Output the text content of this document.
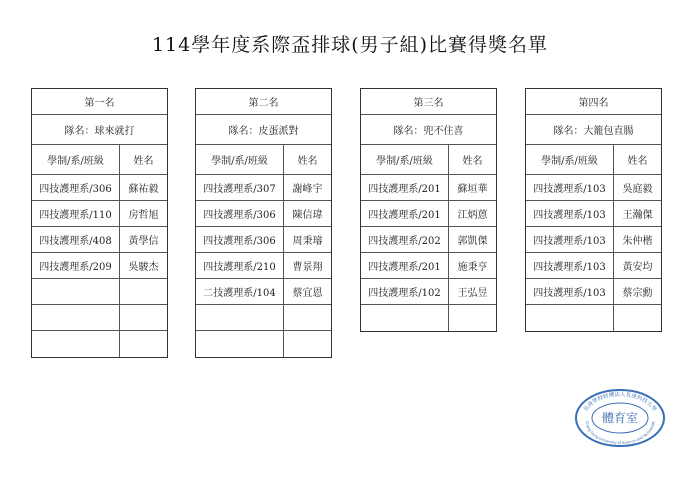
114學年度系際盃排球(男子組)比賽得獎名單
第一名
隊名：球來就打
學制/系/班級	姓名
四技護理系/306	蘇祐毅
四技護理系/110	房哲旭
四技護理系/408	黃學信
四技護理系/209	吳駿杰
第二名
隊名：皮蛋派對
學制/系/班級	姓名
四技護理系/307	謝峰宇
四技護理系/306	陳信瑋
四技護理系/306	周秉璿
四技護理系/210	曹景翔
二技護理系/104	蔡宜恩
第三名
隊名：兜不住喜
學制/系/班級	姓名
四技護理系/201	蘇垣華
四技護理系/201	江炳蒽
四技護理系/202	郭凱傑
四技護理系/201	施秉亨
四技護理系/102	王弘昱
第四名
隊名：大籠包直腸
學制/系/班級	姓名
四技護理系/103	吳庭毅
四技護理系/103	王瀚傑
四技護理系/103	朱仲楷
四技護理系/103	黃安均
四技護理系/103	蔡宗勳
長庚學校財團法人長庚科技大學
Chang Gung University of Science and Technology
體育室
